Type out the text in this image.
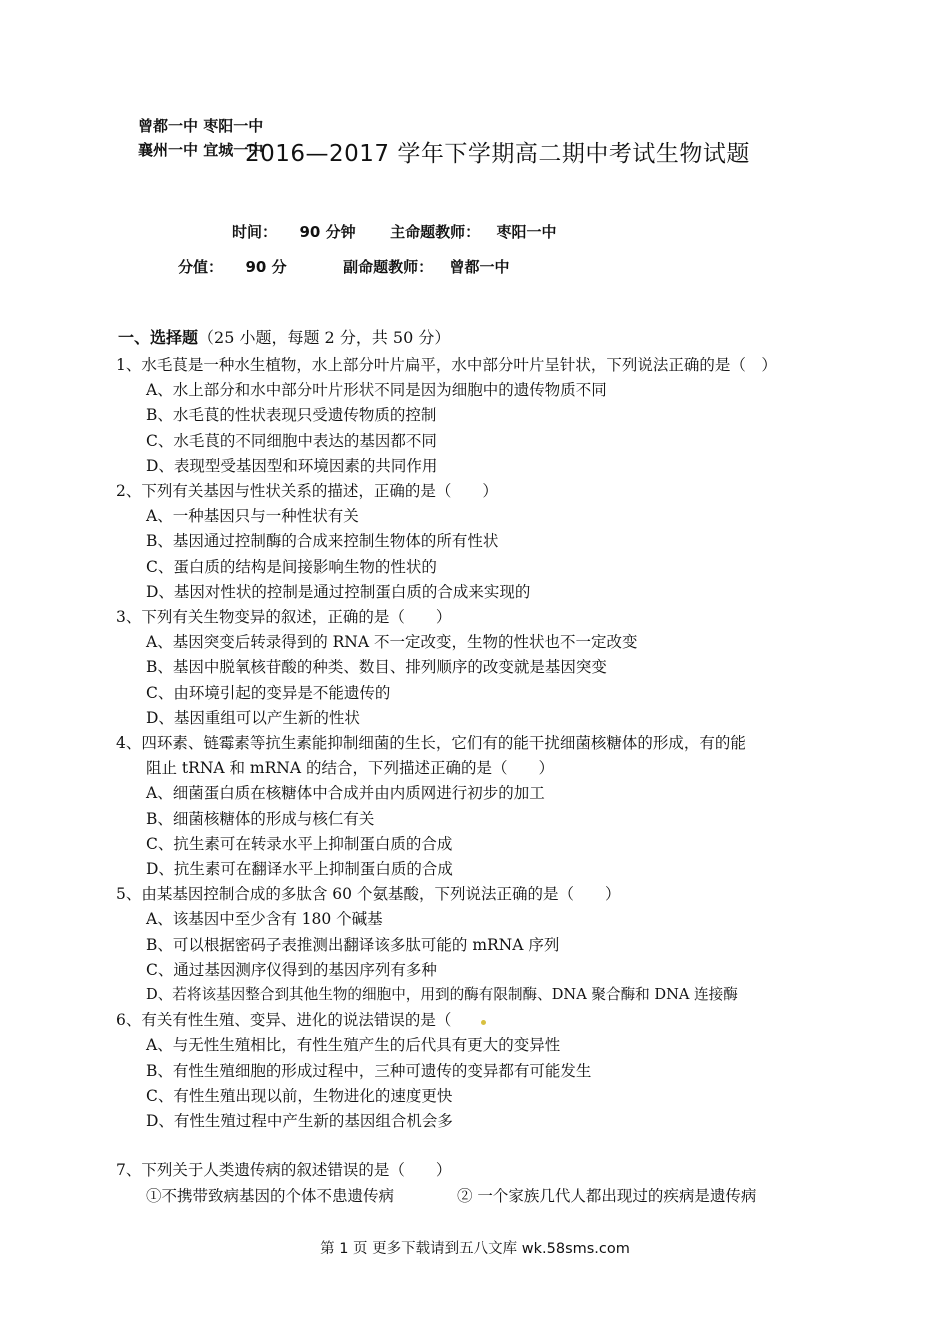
曾都一中 枣阳一中
襄州一中 宜城一中
2016—2017 学年下学期高二期中考试生物试题
时间： 90 分钟 主命题教师： 枣阳一中
分值： 90 分	副命题教师： 曾都一中
一、选择题（25 小题，每题 2 分，共 50 分）
1、水毛茛是一种水生植物，水上部分叶片扁平，水中部分叶片呈针状，下列说法正确的是（　）
A、水上部分和水中部分叶片形状不同是因为细胞中的遗传物质不同
B、水毛茛的性状表现只受遗传物质的控制
C、水毛茛的不同细胞中表达的基因都不同
D、表现型受基因型和环境因素的共同作用
2、下列有关基因与性状关系的描述，正确的是（　　）
A、一种基因只与一种性状有关
B、基因通过控制酶的合成来控制生物体的所有性状
C、蛋白质的结构是间接影响生物的性状的
D、基因对性状的控制是通过控制蛋白质的合成来实现的
3、下列有关生物变异的叙述，正确的是（　　）
A、基因突变后转录得到的 RNA 不一定改变，生物的性状也不一定改变
B、基因中脱氧核苷酸的种类、数目、排列顺序的改变就是基因突变
C、由环境引起的变异是不能遗传的
D、基因重组可以产生新的性状
4、四环素、链霉素等抗生素能抑制细菌的生长，它们有的能干扰细菌核糖体的形成，有的能
阻止 tRNA 和 mRNA 的结合，下列描述正确的是（　　）
A、细菌蛋白质在核糖体中合成并由内质网进行初步的加工
B、细菌核糖体的形成与核仁有关
C、抗生素可在转录水平上抑制蛋白质的合成
D、抗生素可在翻译水平上抑制蛋白质的合成
5、由某基因控制合成的多肽含 60 个氨基酸，下列说法正确的是（　　）
A、该基因中至少含有 180 个碱基
B、可以根据密码子表推测出翻译该多肽可能的 mRNA 序列
C、通过基因测序仪得到的基因序列有多种
D、若将该基因整合到其他生物的细胞中，用到的酶有限制酶、DNA 聚合酶和 DNA 连接酶
6、有关有性生殖、变异、进化的说法错误的是（
A、与无性生殖相比，有性生殖产生的后代具有更大的变异性
B、有性生殖细胞的形成过程中，三种可遗传的变异都有可能发生
C、有性生殖出现以前，生物进化的速度更快
D、有性生殖过程中产生新的基因组合机会多
7、下列关于人类遗传病的叙述错误的是（　　）
①不携带致病基因的个体不患遗传病	② 一个家族几代人都出现过的疾病是遗传病
第 1 页 更多下载请到五八文库 wk.58sms.com
